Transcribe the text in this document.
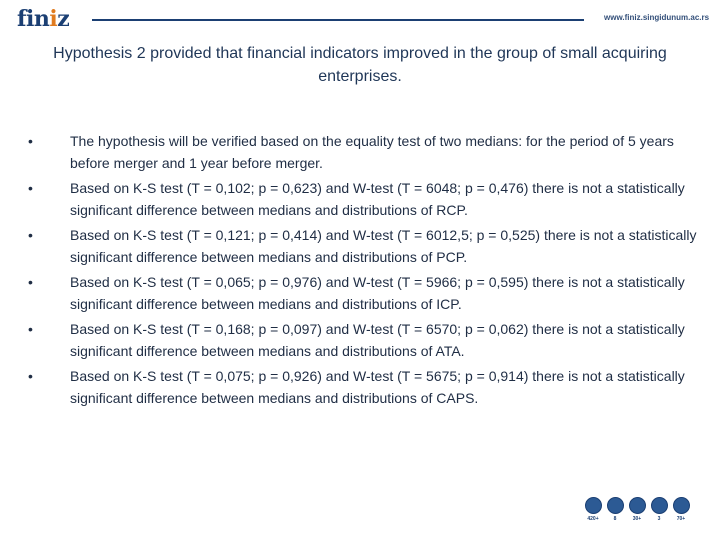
finiz	www.finiz.singidunum.ac.rs
Hypothesis 2 provided that financial indicators improved in the group of small acquiring enterprises.
•	The hypothesis will be verified based on the equality test of two medians: for the period of 5 years before merger and 1 year before merger.
•	Based on K-S test (T = 0,102; p = 0,623) and W-test (T = 6048; p = 0,476) there is not a statistically significant difference between medians and distributions of RCP.
•	Based on K-S test (T = 0,121; p = 0,414) and W-test (T = 6012,5; p = 0,525) there is not a statistically significant difference between medians and distributions of PCP.
•	Based on K-S test (T = 0,065; p = 0,976) and W-test (T = 5966; p = 0,595) there is not a statistically significant difference between medians and distributions of ICP.
•	Based on K-S test (T = 0,168; p = 0,097) and W-test (T = 6570; p = 0,062) there is not a statistically significant difference between medians and distributions of ATA.
•	Based on K-S test (T = 0,075; p = 0,926) and W-test (T = 5675; p = 0,914) there is not a statistically significant difference between medians and distributions of CAPS.
420+	8	30+	3	70+
